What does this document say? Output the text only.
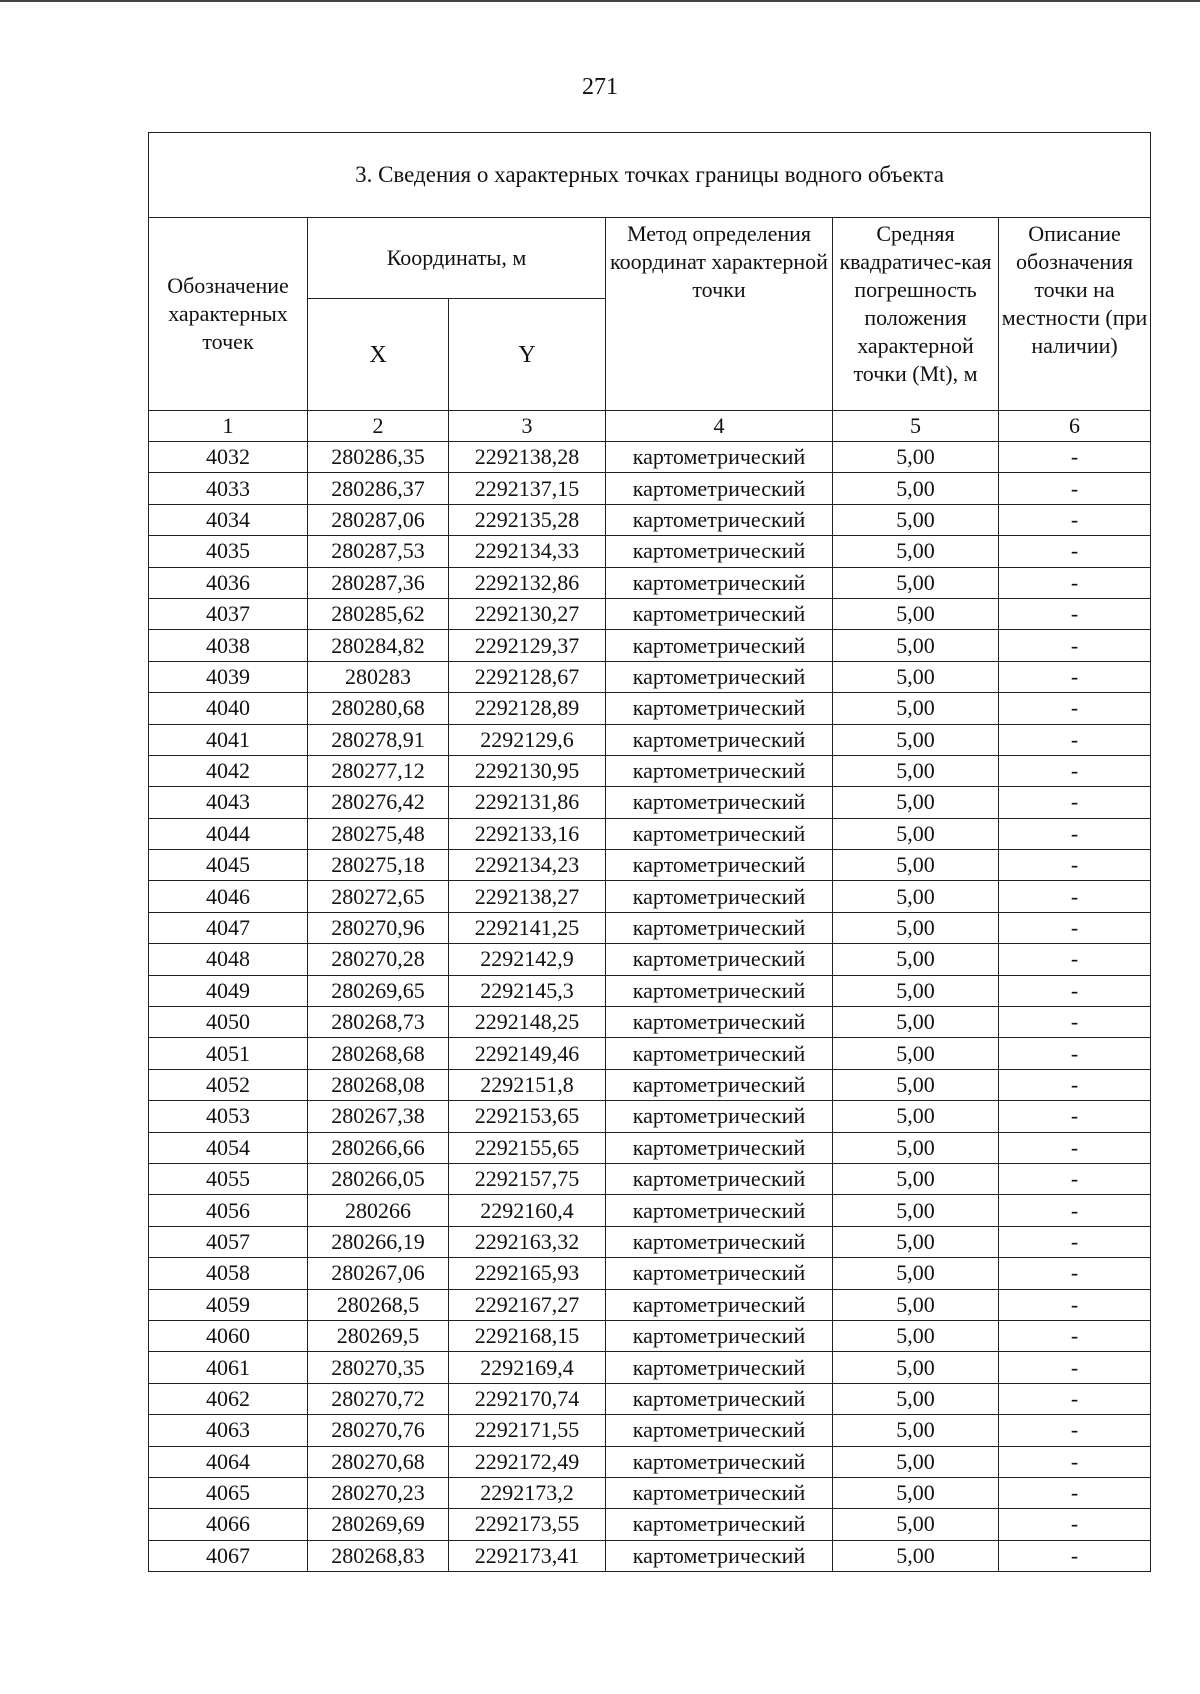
271
3. Сведения о характерных точках границы водного объекта					
Обозначение характерных точек	Координаты, м		Метод определения координат характерной точки	Средняя квадратичес-кая погрешность положения характерной точки (Mt), м	Описание обозначения точки на местности (при наличии)
	X	Y			
1	2	3	4	5	6
4032	280286,35	2292138,28	картометрический	5,00	-
4033	280286,37	2292137,15	картометрический	5,00	-
4034	280287,06	2292135,28	картометрический	5,00	-
4035	280287,53	2292134,33	картометрический	5,00	-
4036	280287,36	2292132,86	картометрический	5,00	-
4037	280285,62	2292130,27	картометрический	5,00	-
4038	280284,82	2292129,37	картометрический	5,00	-
4039	280283	2292128,67	картометрический	5,00	-
4040	280280,68	2292128,89	картометрический	5,00	-
4041	280278,91	2292129,6	картометрический	5,00	-
4042	280277,12	2292130,95	картометрический	5,00	-
4043	280276,42	2292131,86	картометрический	5,00	-
4044	280275,48	2292133,16	картометрический	5,00	-
4045	280275,18	2292134,23	картометрический	5,00	-
4046	280272,65	2292138,27	картометрический	5,00	-
4047	280270,96	2292141,25	картометрический	5,00	-
4048	280270,28	2292142,9	картометрический	5,00	-
4049	280269,65	2292145,3	картометрический	5,00	-
4050	280268,73	2292148,25	картометрический	5,00	-
4051	280268,68	2292149,46	картометрический	5,00	-
4052	280268,08	2292151,8	картометрический	5,00	-
4053	280267,38	2292153,65	картометрический	5,00	-
4054	280266,66	2292155,65	картометрический	5,00	-
4055	280266,05	2292157,75	картометрический	5,00	-
4056	280266	2292160,4	картометрический	5,00	-
4057	280266,19	2292163,32	картометрический	5,00	-
4058	280267,06	2292165,93	картометрический	5,00	-
4059	280268,5	2292167,27	картометрический	5,00	-
4060	280269,5	2292168,15	картометрический	5,00	-
4061	280270,35	2292169,4	картометрический	5,00	-
4062	280270,72	2292170,74	картометрический	5,00	-
4063	280270,76	2292171,55	картометрический	5,00	-
4064	280270,68	2292172,49	картометрический	5,00	-
4065	280270,23	2292173,2	картометрический	5,00	-
4066	280269,69	2292173,55	картометрический	5,00	-
4067	280268,83	2292173,41	картометрический	5,00	-
